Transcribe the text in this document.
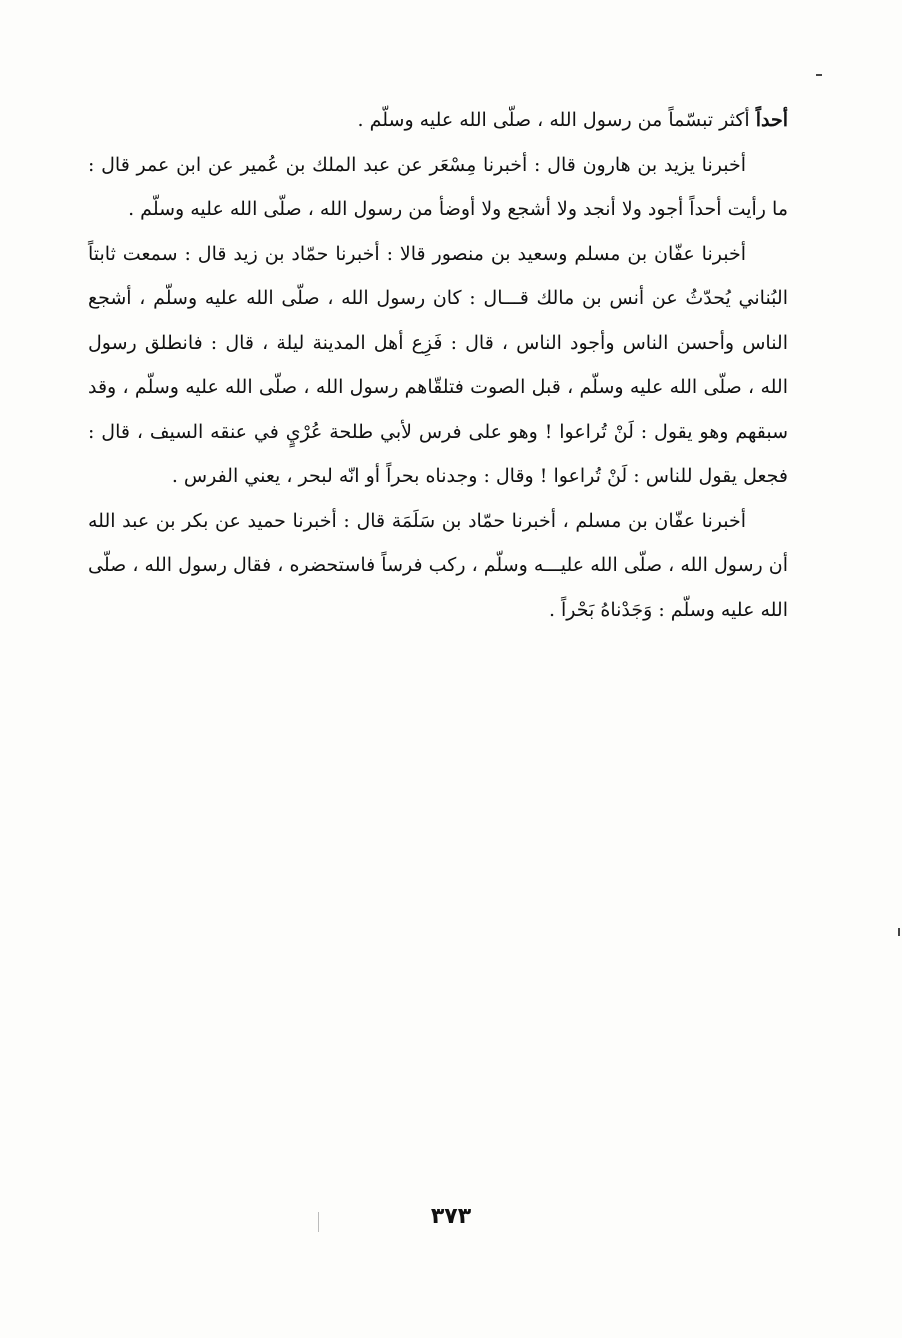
أحداً أكثر تبسّماً من رسول الله ، صلّى الله عليه وسلّم .

أخبرنا يزيد بن هارون قال : أخبرنا مِسْعَر عن عبد الملك بن عُمير عن ابن عمر قال : ما رأيت أحداً أجود ولا أنجد ولا أشجع ولا أوضأ من رسول الله ، صلّى الله عليه وسلّم .

أخبرنا عفّان بن مسلم وسعيد بن منصور قالا : أخبرنا حمّاد بن زيد قال : سمعت ثابتاً البُناني يُحدّثُ عن أنس بن مالك قـــال : كان رسول الله ، صلّى الله عليه وسلّم ، أشجع الناس وأحسن الناس وأجود الناس ، قال : فَزِع أهل المدينة ليلة ، قال : فانطلق رسول الله ، صلّى الله عليه وسلّم ، قبل الصوت فتلقّاهم رسول الله ، صلّى الله عليه وسلّم ، وقد سبقهم وهو يقول : لَنْ تُراعوا ! وهو على فرس لأبي طلحة عُرْيٍ في عنقه السيف ، قال : فجعل يقول للناس : لَنْ تُراعوا ! وقال : وجدناه بحراً أو انّه لبحر ، يعني الفرس .

أخبرنا عفّان بن مسلم ، أخبرنا حمّاد بن سَلَمَة قال : أخبرنا حميد عن بكر بن عبد الله أن رسول الله ، صلّى الله عليـــه وسلّم ، ركب فرساً فاستحضره ، فقال رسول الله ، صلّى الله عليه وسلّم : وَجَدْناهُ بَحْراً .

٣٧٣
